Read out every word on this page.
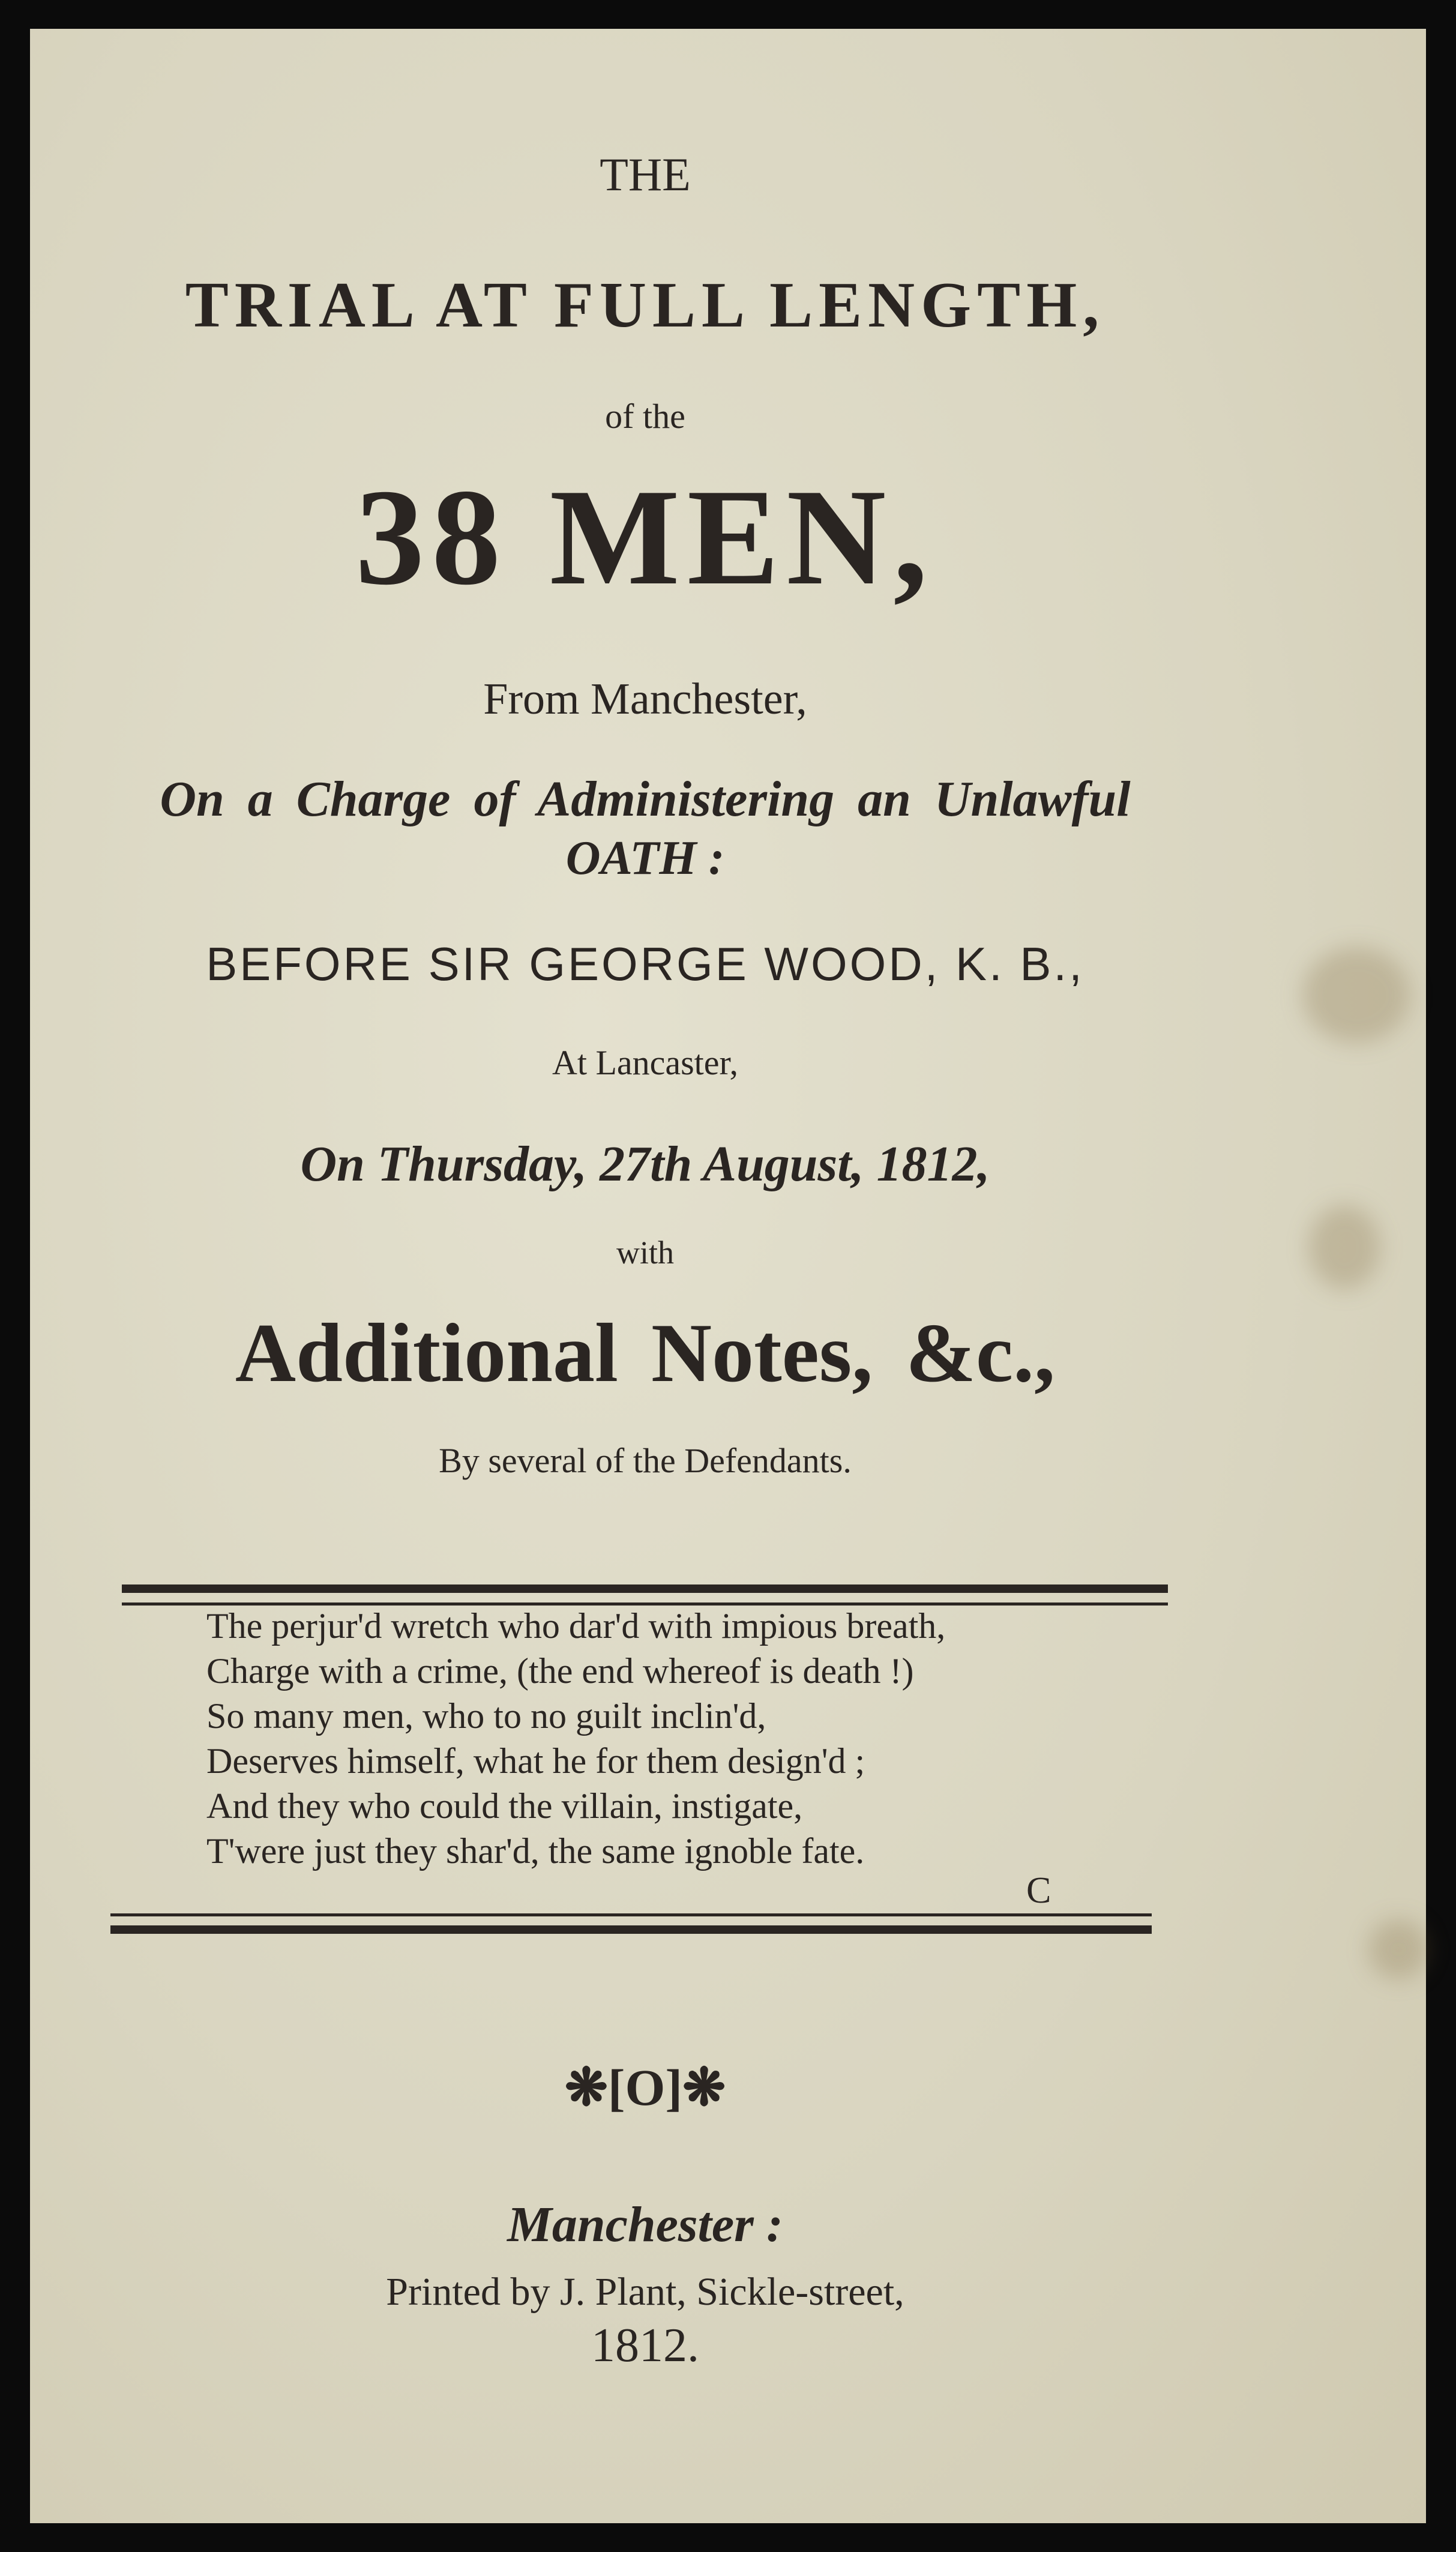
THE
TRIAL AT FULL LENGTH,
of the
38 MEN,
From Manchester,
On a Charge of Administering an Unlawful
OATH :
BEFORE SIR GEORGE WOOD, K. B.,
At Lancaster,
On Thursday, 27th August, 1812,
with
Additional Notes, &c.,
By several of the Defendants.
The perjur'd wretch who dar'd with impious breath,
Charge with a crime, (the end whereof is death !)
So many men, who to no guilt inclin'd,
Deserves himself, what he for them design'd ;
And they who could the villain, instigate,
T'were just they shar'd, the same ignoble fate.
C
❋[O]❋
Manchester :
Printed by J. Plant, Sickle-street,
1812.
